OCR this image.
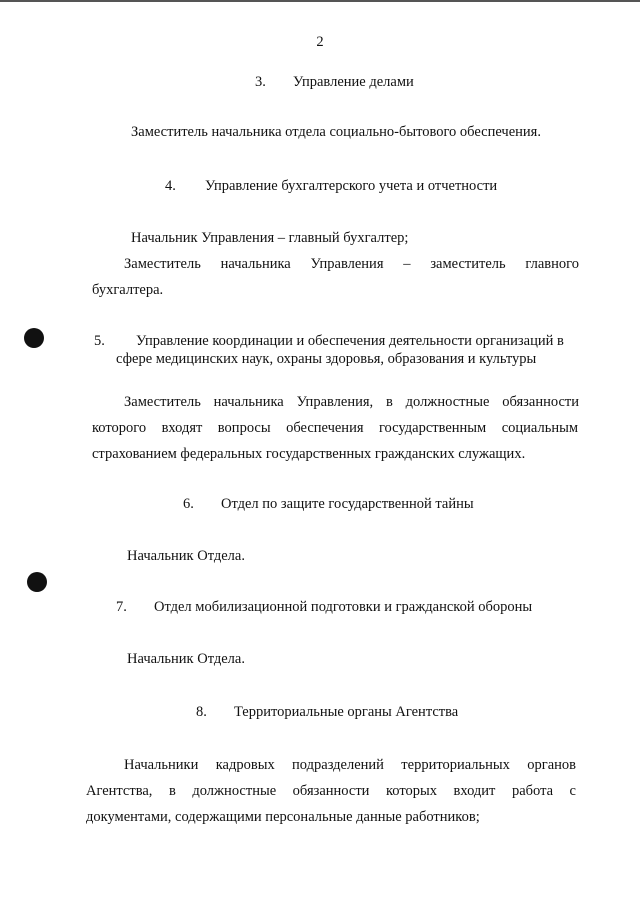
2
3. Управление делами
Заместитель начальника отдела социально-бытового обеспечения.
4. Управление бухгалтерского учета и отчетности
Начальник Управления – главный бухгалтер;
Заместитель начальника Управления – заместитель главного
бухгалтера.
5. Управление координации и обеспечения деятельности организаций в
сфере медицинских наук, охраны здоровья, образования и культуры
Заместитель начальника Управления, в должностные обязанности
которого входят вопросы обеспечения государственным социальным
страхованием федеральных государственных гражданских служащих.
6. Отдел по защите государственной тайны
Начальник Отдела.
7. Отдел мобилизационной подготовки и гражданской обороны
Начальник Отдела.
8. Территориальные органы Агентства
Начальники кадровых подразделений территориальных органов
Агентства, в должностные обязанности которых входит работа с
документами, содержащими персональные данные работников;
